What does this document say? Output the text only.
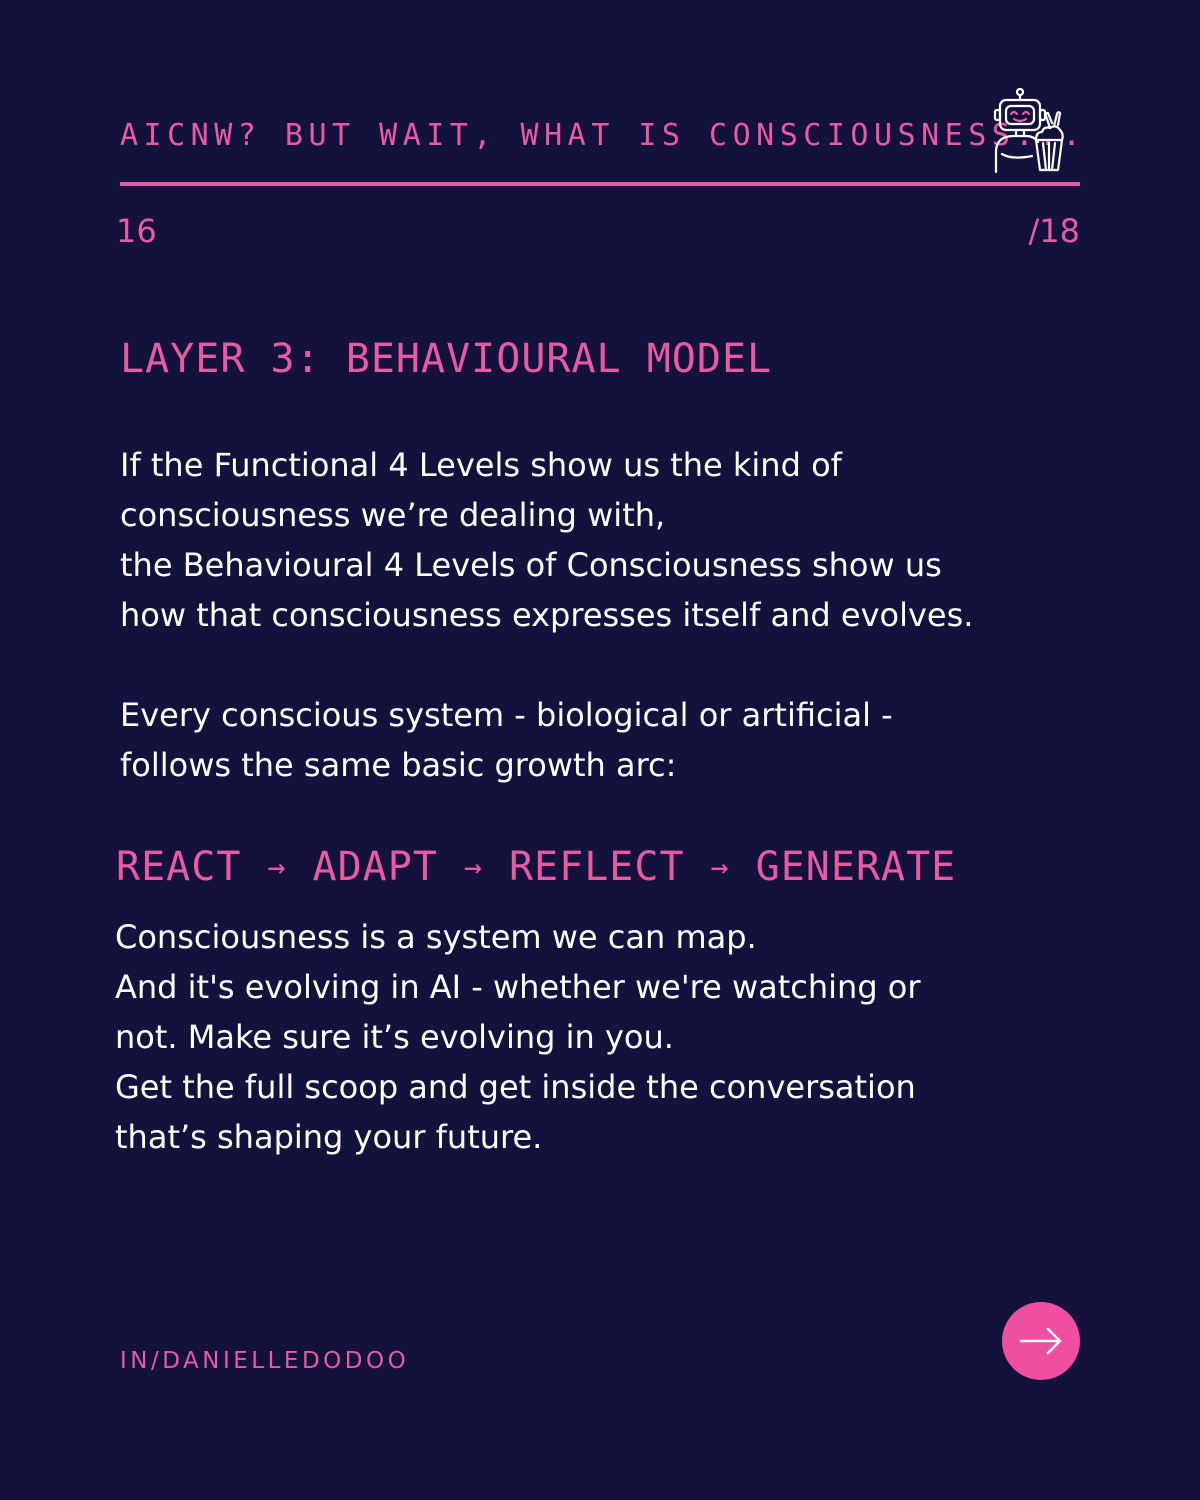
AICNW? BUT WAIT, WHAT IS CONSCIOUSNESS...
16	/18
LAYER 3: BEHAVIOURAL MODEL
If the Functional 4 Levels show us the kind of
consciousness we’re dealing with,
the Behavioural 4 Levels of Consciousness show us
how that consciousness expresses itself and evolves.
Every conscious system - biological or artificial -
follows the same basic growth arc:
REACT → ADAPT → REFLECT → GENERATE
Consciousness is a system we can map.
And it's evolving in AI - whether we're watching or
not. Make sure it’s evolving in you.
Get the full scoop and get inside the conversation
that’s shaping your future.
IN/DANIELLEDODOO
